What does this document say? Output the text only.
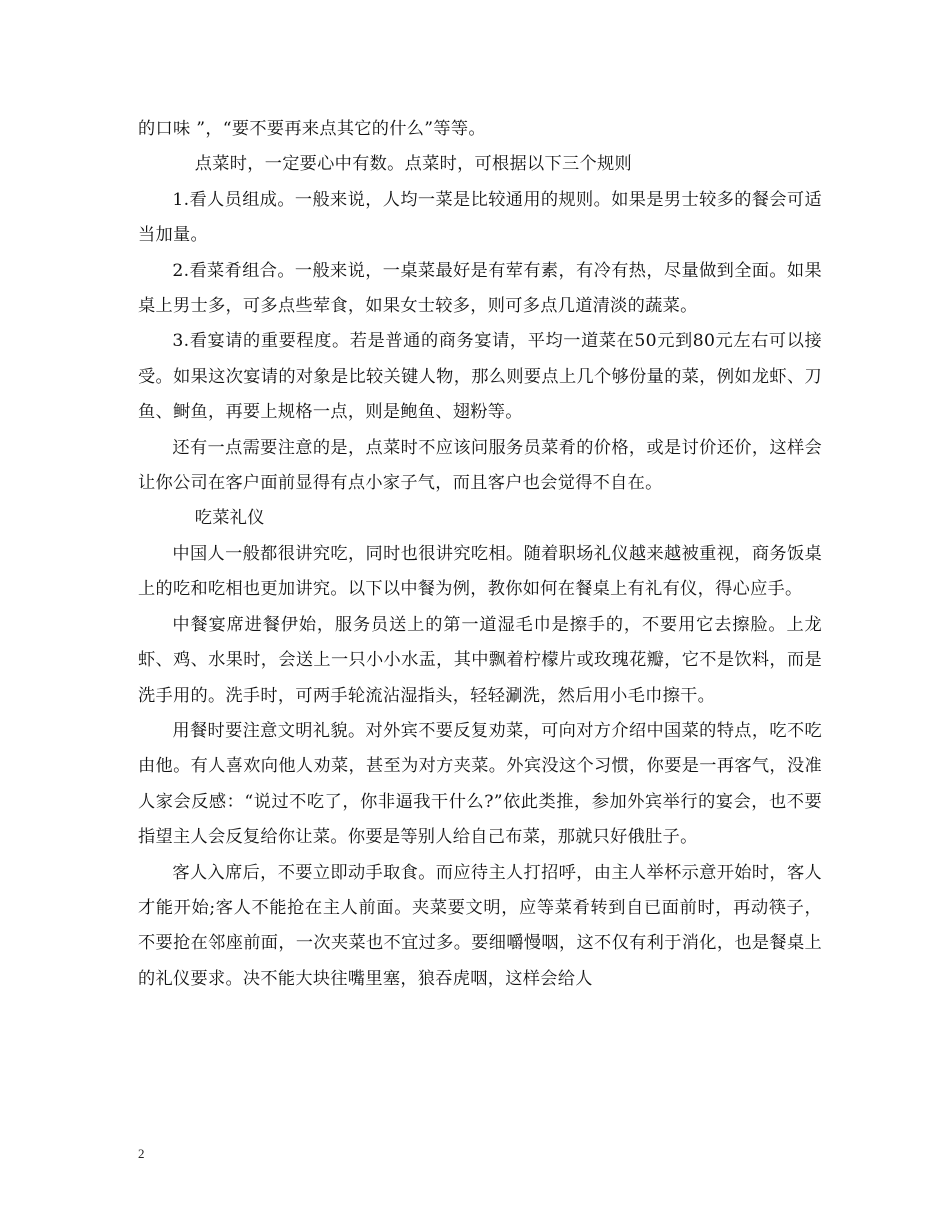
的口味 ”，“要不要再来点其它的什么”等等。

点菜时，一定要心中有数。点菜时，可根据以下三个规则

1.看人员组成。一般来说，人均一菜是比较通用的规则。如果是男士较多的餐会可适当加量。

2.看菜肴组合。一般来说，一桌菜最好是有荤有素，有冷有热，尽量做到全面。如果桌上男士多，可多点些荤食，如果女士较多，则可多点几道清淡的蔬菜。

3.看宴请的重要程度。若是普通的商务宴请，平均一道菜在50元到80元左右可以接受。如果这次宴请的对象是比较关键人物，那么则要点上几个够份量的菜，例如龙虾、刀鱼、鲥鱼，再要上规格一点，则是鲍鱼、翅粉等。

还有一点需要注意的是，点菜时不应该问服务员菜肴的价格，或是讨价还价，这样会让你公司在客户面前显得有点小家子气，而且客户也会觉得不自在。

吃菜礼仪

中国人一般都很讲究吃，同时也很讲究吃相。随着职场礼仪越来越被重视，商务饭桌上的吃和吃相也更加讲究。以下以中餐为例，教你如何在餐桌上有礼有仪，得心应手。

中餐宴席进餐伊始，服务员送上的第一道湿毛巾是擦手的，不要用它去擦脸。上龙虾、鸡、水果时，会送上一只小小水盂，其中飘着柠檬片或玫瑰花瓣，它不是饮料，而是洗手用的。洗手时，可两手轮流沾湿指头，轻轻涮洗，然后用小毛巾擦干。

用餐时要注意文明礼貌。对外宾不要反复劝菜，可向对方介绍中国菜的特点，吃不吃由他。有人喜欢向他人劝菜，甚至为对方夹菜。外宾没这个习惯，你要是一再客气，没准人家会反感：“说过不吃了，你非逼我干什么?”依此类推，参加外宾举行的宴会，也不要指望主人会反复给你让菜。你要是等别人给自己布菜，那就只好俄肚子。

客人入席后，不要立即动手取食。而应待主人打招呼，由主人举杯示意开始时，客人才能开始;客人不能抢在主人前面。夹菜要文明，应等菜肴转到自已面前时，再动筷子，不要抢在邻座前面，一次夹菜也不宜过多。要细嚼慢咽，这不仅有利于消化，也是餐桌上的礼仪要求。决不能大块往嘴里塞，狼吞虎咽，这样会给人

2
